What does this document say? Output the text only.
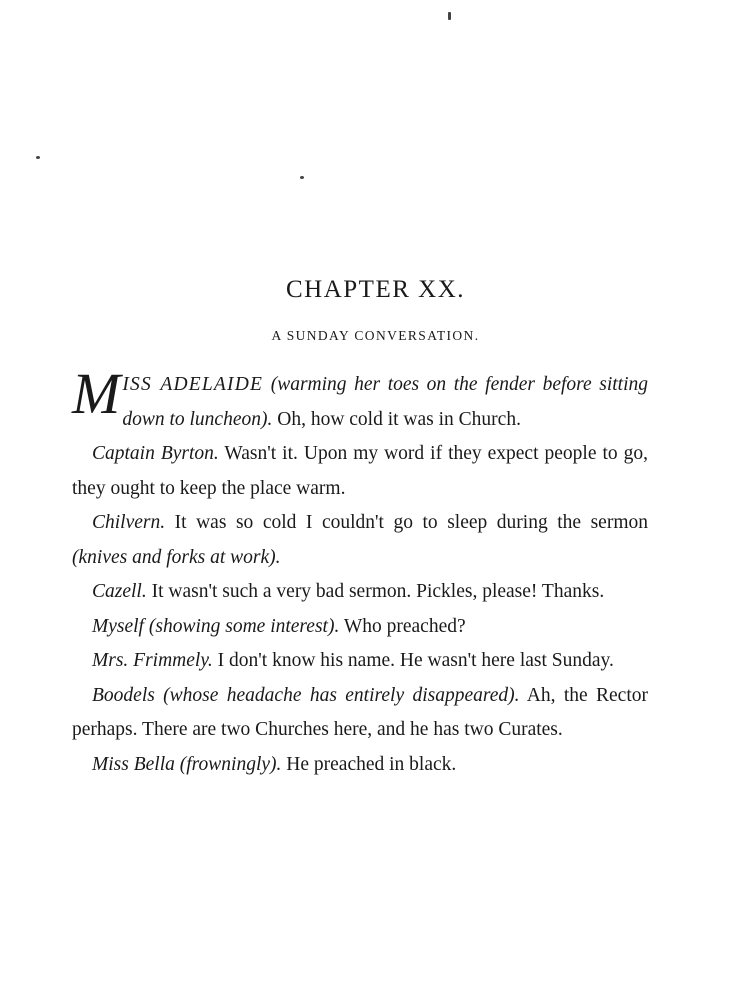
CHAPTER XX.
A SUNDAY CONVERSATION.

M ISS ADELAIDE (warming her toes on the fender before sitting down to luncheon). Oh, how cold it was in Church.

Captain Byrton. Wasn't it. Upon my word if they expect people to go, they ought to keep the place warm.

Chilvern. It was so cold I couldn't go to sleep during the sermon (knives and forks at work).

Cazell. It wasn't such a very bad sermon. Pickles, please! Thanks.

Myself (showing some interest). Who preached?

Mrs. Frimmely. I don't know his name. He wasn't here last Sunday.

Boodels (whose headache has entirely disappeared). Ah, the Rector perhaps. There are two Churches here, and he has two Curates.

Miss Bella (frowningly). He preached in black.
